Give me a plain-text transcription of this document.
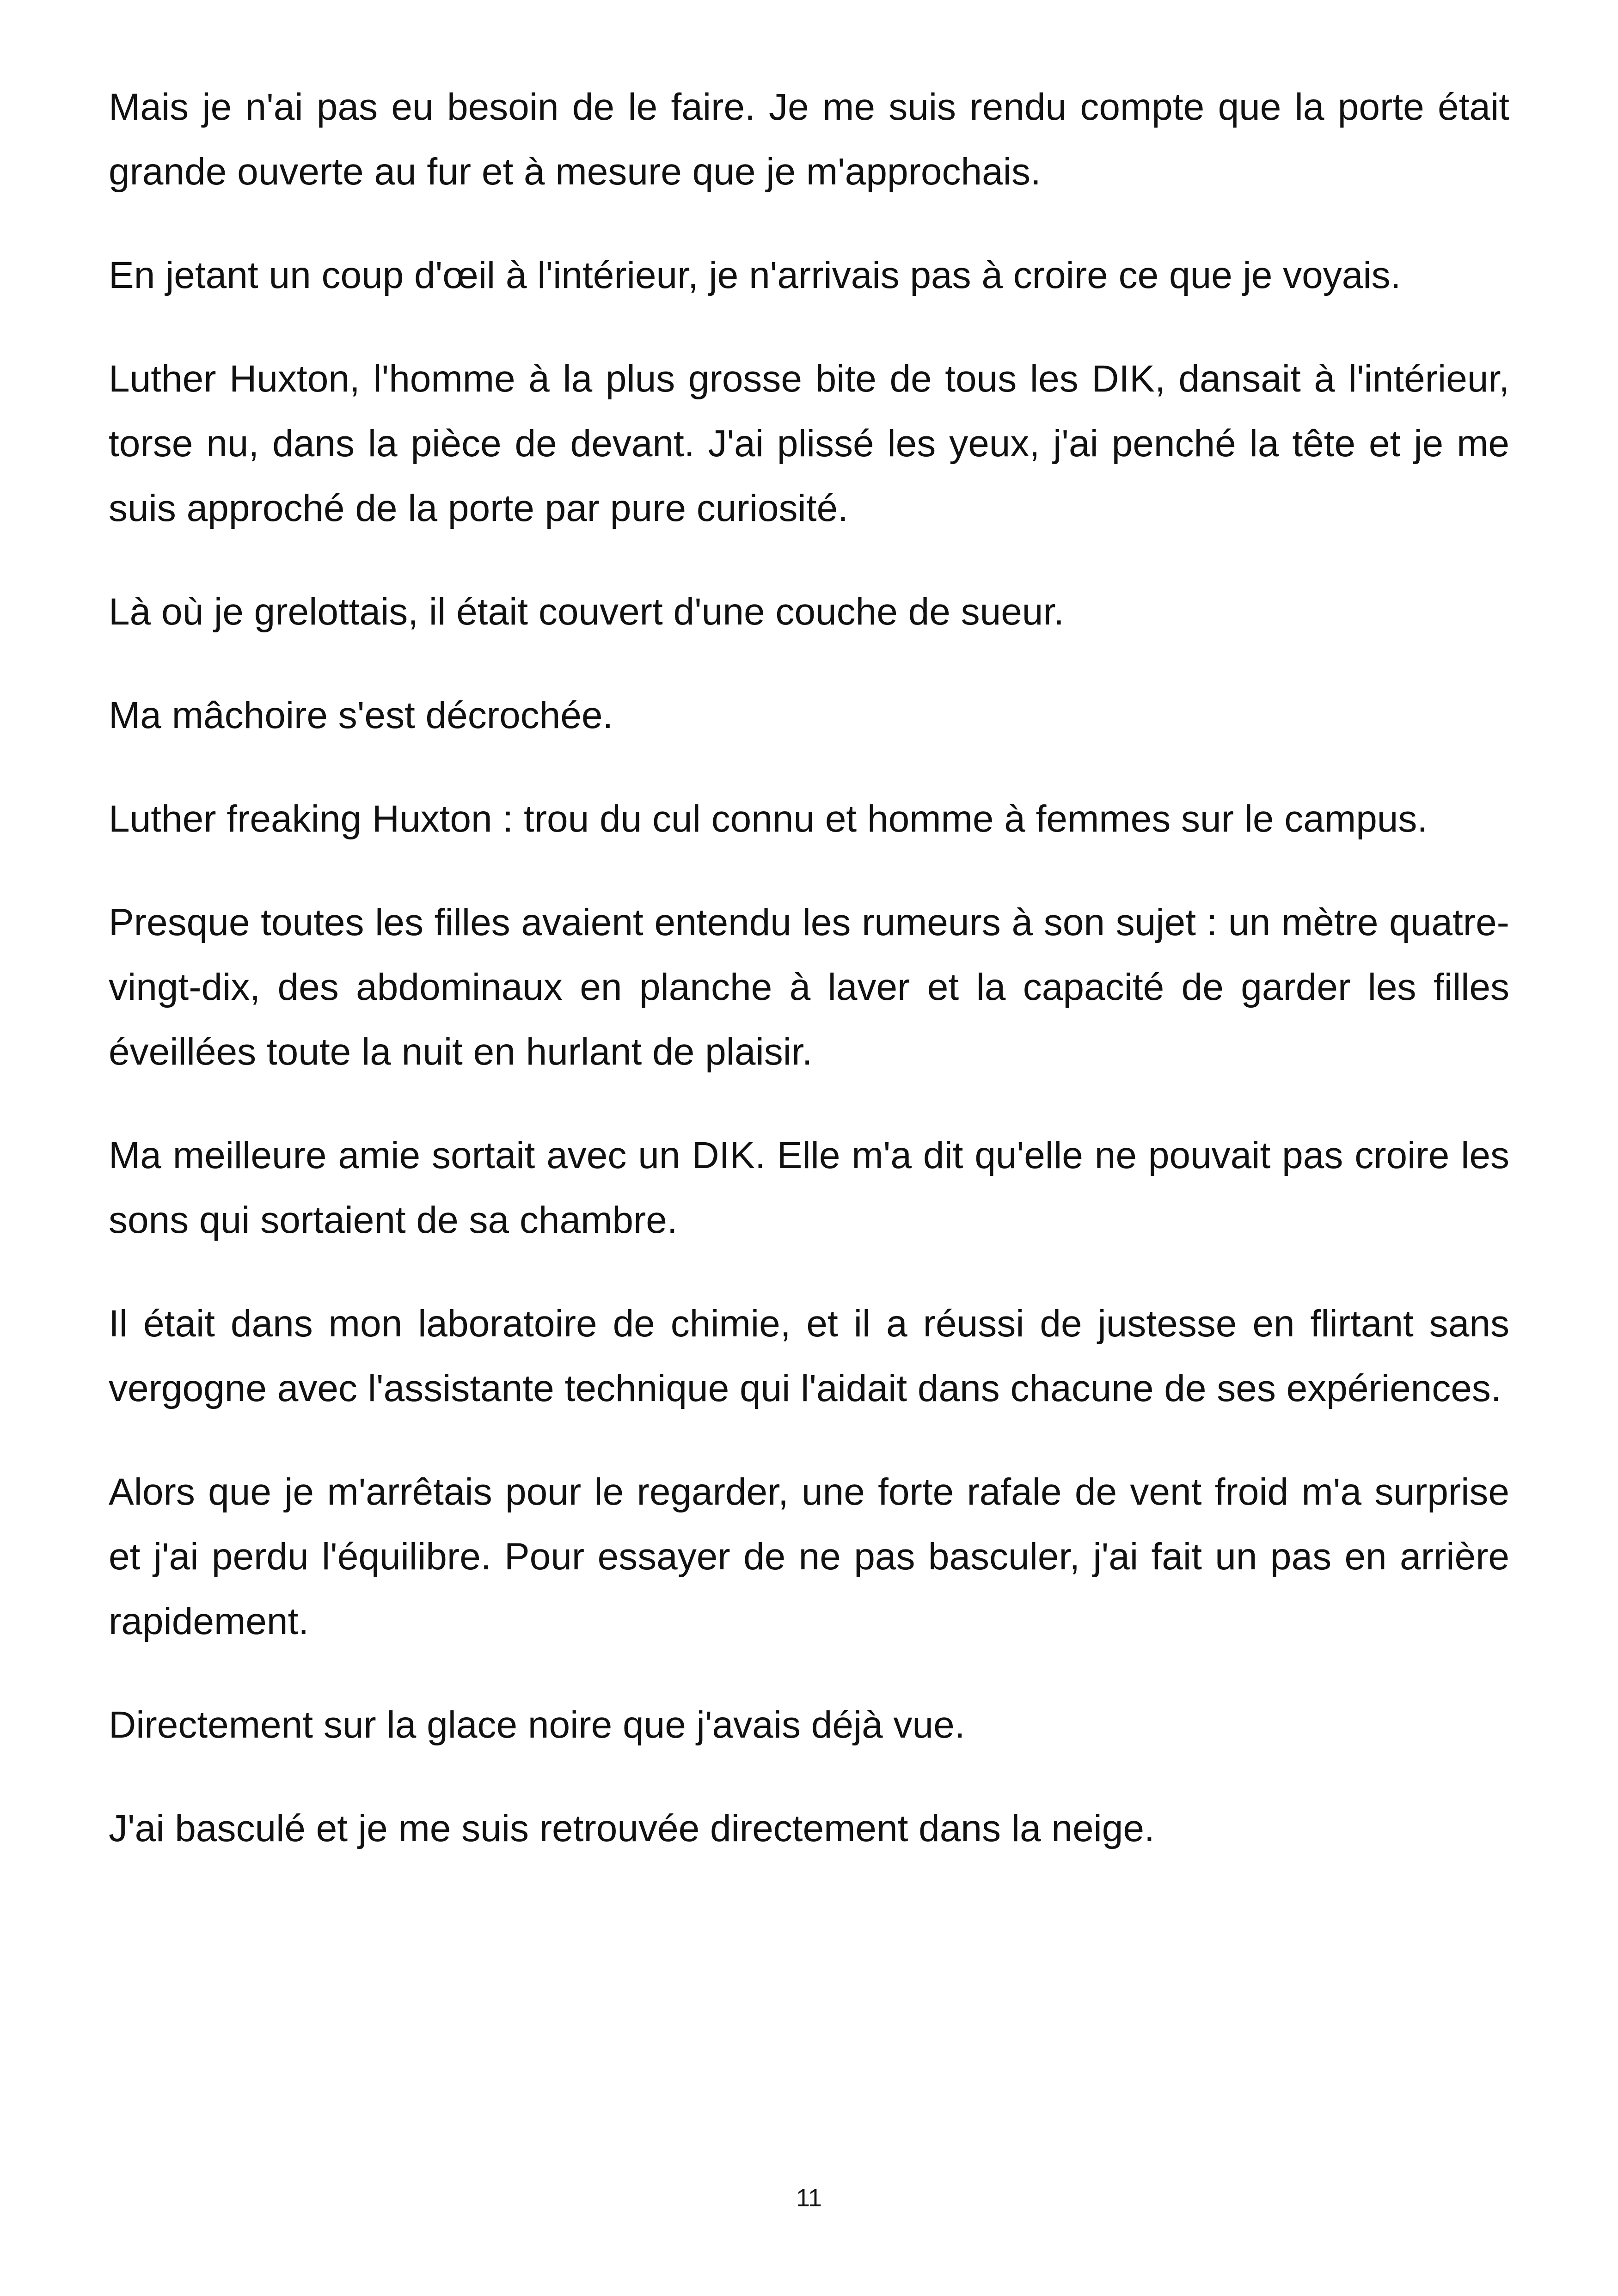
Mais je n'ai pas eu besoin de le faire. Je me suis rendu compte que la porte était grande ouverte au fur et à mesure que je m'approchais.

En jetant un coup d'œil à l'intérieur, je n'arrivais pas à croire ce que je voyais.

Luther Huxton, l'homme à la plus grosse bite de tous les DIK, dansait à l'intérieur, torse nu, dans la pièce de devant. J'ai plissé les yeux, j'ai penché la tête et je me suis approché de la porte par pure curiosité.

Là où je grelottais, il était couvert d'une couche de sueur.

Ma mâchoire s'est décrochée.

Luther freaking Huxton : trou du cul connu et homme à femmes sur le campus.

Presque toutes les filles avaient entendu les rumeurs à son sujet : un mètre quatre-vingt-dix, des abdominaux en planche à laver et la capacité de garder les filles éveillées toute la nuit en hurlant de plaisir.

Ma meilleure amie sortait avec un DIK. Elle m'a dit qu'elle ne pouvait pas croire les sons qui sortaient de sa chambre.

Il était dans mon laboratoire de chimie, et il a réussi de justesse en flirtant sans vergogne avec l'assistante technique qui l'aidait dans chacune de ses expériences.

Alors que je m'arrêtais pour le regarder, une forte rafale de vent froid m'a surprise et j'ai perdu l'équilibre. Pour essayer de ne pas basculer, j'ai fait un pas en arrière rapidement.

Directement sur la glace noire que j'avais déjà vue.

J'ai basculé et je me suis retrouvée directement dans la neige.

11
